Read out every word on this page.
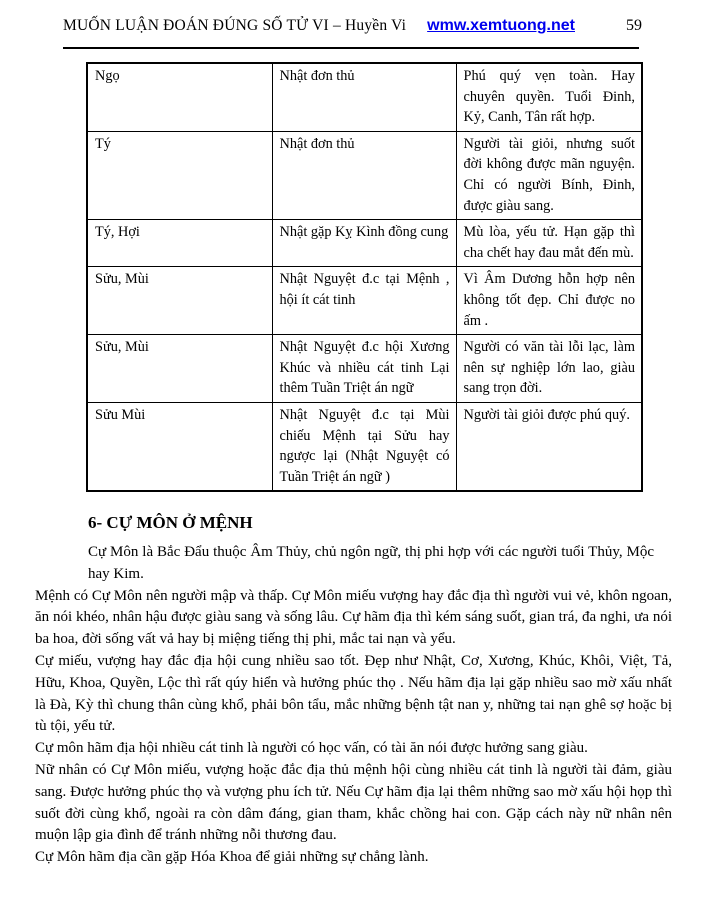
MUỐN LUẬN ĐOÁN ĐÚNG SỐ TỬ VI – Huyền Vi wmw.xemtuong.net	59
Ngọ	Nhật đơn thủ	Phú quý vẹn toàn. Hay chuyên quyền. Tuổi Đinh, Kỷ, Canh, Tân rất hợp.
Tý	Nhật đơn thủ	Người tài giỏi, nhưng suốt đời không được mãn nguyện. Chỉ có người Bính, Đinh, được giàu sang.
Tý, Hợi	Nhật gặp Kỵ Kình đồng cung	Mù lòa, yếu tử. Hạn gặp thì cha chết hay đau mắt đến mù.
Sửu, Mùi	Nhật Nguyệt đ.c tại Mệnh , hội ít cát tinh	Vì Âm Dương hỗn hợp nên không tốt đẹp. Chỉ được no ấm .
Sửu, Mùi	Nhật Nguyệt đ.c hội Xương Khúc và nhiều cát tinh Lại thêm Tuần Triệt án ngữ	Người có văn tài lỗi lạc, làm nên sự nghiệp lớn lao, giàu sang trọn đời.
Sửu Mùi	Nhật Nguyệt đ.c tại Mùi chiếu Mệnh tại Sửu hay ngược lại (Nhật Nguyệt có Tuần Triệt án ngữ )	Người tài giỏi được phú quý.
6- CỰ MÔN Ở MỆNH

Cự Môn là Bắc Đẩu thuộc Âm Thủy, chủ ngôn ngữ, thị phi hợp với các người tuổi Thủy, Mộc hay Kim.

Mệnh có Cự Môn nên người mập và thấp. Cự Môn miếu vượng hay đắc địa thì người vui vẻ, khôn ngoan, ăn nói khéo, nhân hậu được giàu sang và sống lâu. Cự hãm địa thì kém sáng suốt, gian trá, đa nghi, ưa nói ba hoa, đời sống vất vả hay bị miệng tiếng thị phi, mắc tai nạn và yểu.

Cự miếu, vượng hay đắc địa hội cung nhiều sao tốt. Đẹp như Nhật, Cơ, Xương, Khúc, Khôi, Việt, Tả, Hữu, Khoa, Quyền, Lộc thì rất qúy hiển và hưởng phúc thọ . Nếu hãm địa lại gặp nhiều sao mờ xấu nhất là Đà, Kỳ thì chung thân cùng khổ, phải bôn tẩu, mắc những bệnh tật nan y, những tai nạn ghê sợ hoặc bị tù tội, yểu tử.

Cự môn hãm địa hội nhiều cát tinh là người có học vấn, có tài ăn nói được hưởng sang giàu.

Nữ nhân có Cự Môn miếu, vượng hoặc đắc địa thủ mệnh hội cùng nhiều cát tinh là người tài đảm, giàu sang. Được hưởng phúc thọ và vượng phu ích tử. Nếu Cự hãm địa lại thêm những sao mờ xấu hội họp thì suốt đời cùng khổ, ngoài ra còn dâm đáng, gian tham, khắc chồng hai con. Gặp cách này nữ nhân nên muộn lập gia đình để tránh những nỗi thương đau.

Cự Môn hãm địa cần gặp Hóa Khoa để giải những sự chẳng lành.
